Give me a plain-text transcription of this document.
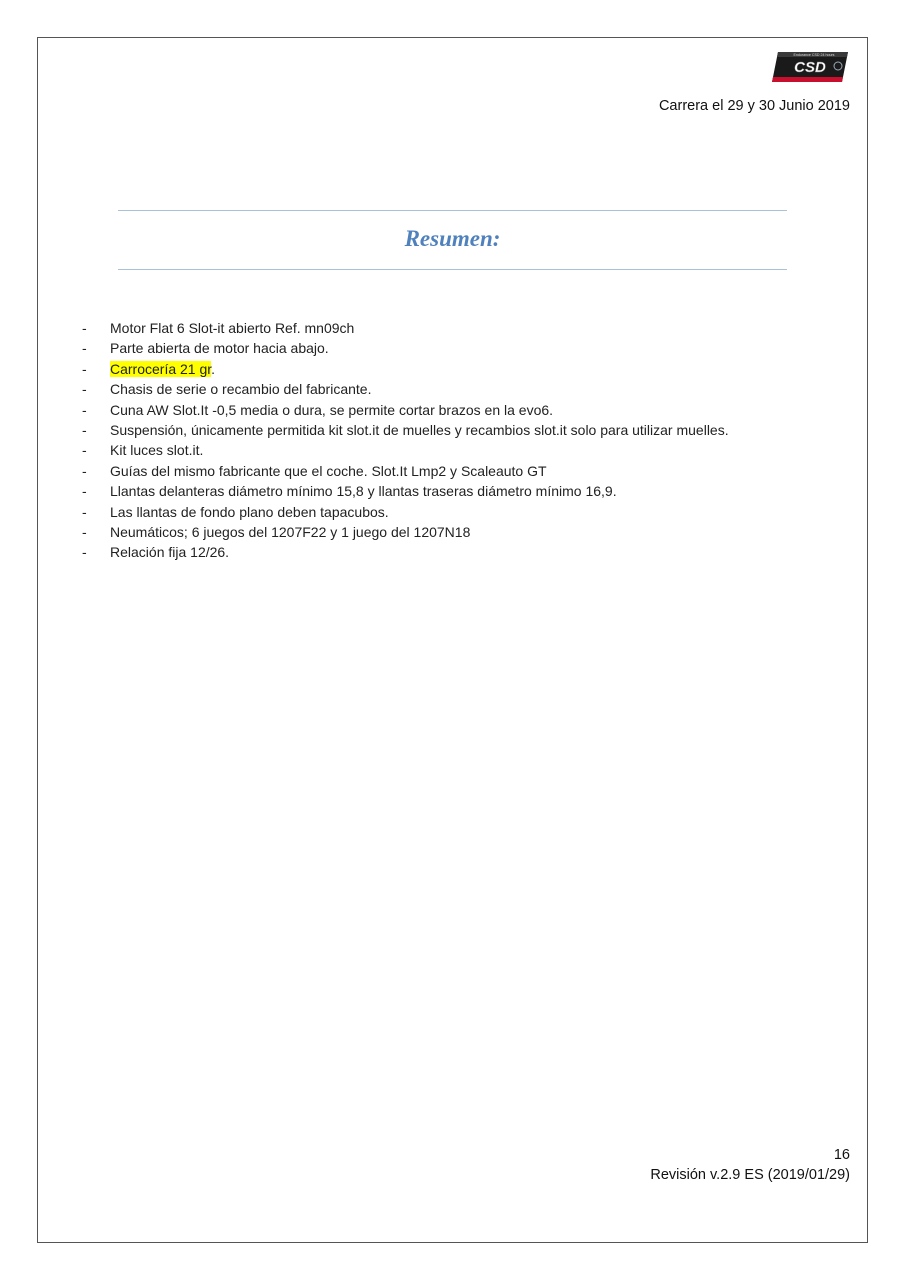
CSD
Endurance CSD 24 hours
Carrera el 29 y 30 Junio 2019
Resumen:
- Motor Flat 6 Slot-it abierto Ref. mn09ch
- Parte abierta de motor hacia abajo.
- Carrocería 21 gr.
- Chasis de serie o recambio del fabricante.
- Cuna AW Slot.It -0,5 media o dura, se permite cortar brazos en la evo6.
- Suspensión, únicamente permitida kit slot.it de muelles y recambios slot.it solo para utilizar muelles.
- Kit luces slot.it.
- Guías del mismo fabricante que el coche. Slot.It Lmp2 y Scaleauto GT
- Llantas delanteras diámetro mínimo 15,8 y llantas traseras diámetro mínimo 16,9.
- Las llantas de fondo plano deben tapacubos.
- Neumáticos; 6 juegos del 1207F22 y 1 juego del 1207N18
- Relación fija 12/26.
16
Revisión v.2.9 ES (2019/01/29)
